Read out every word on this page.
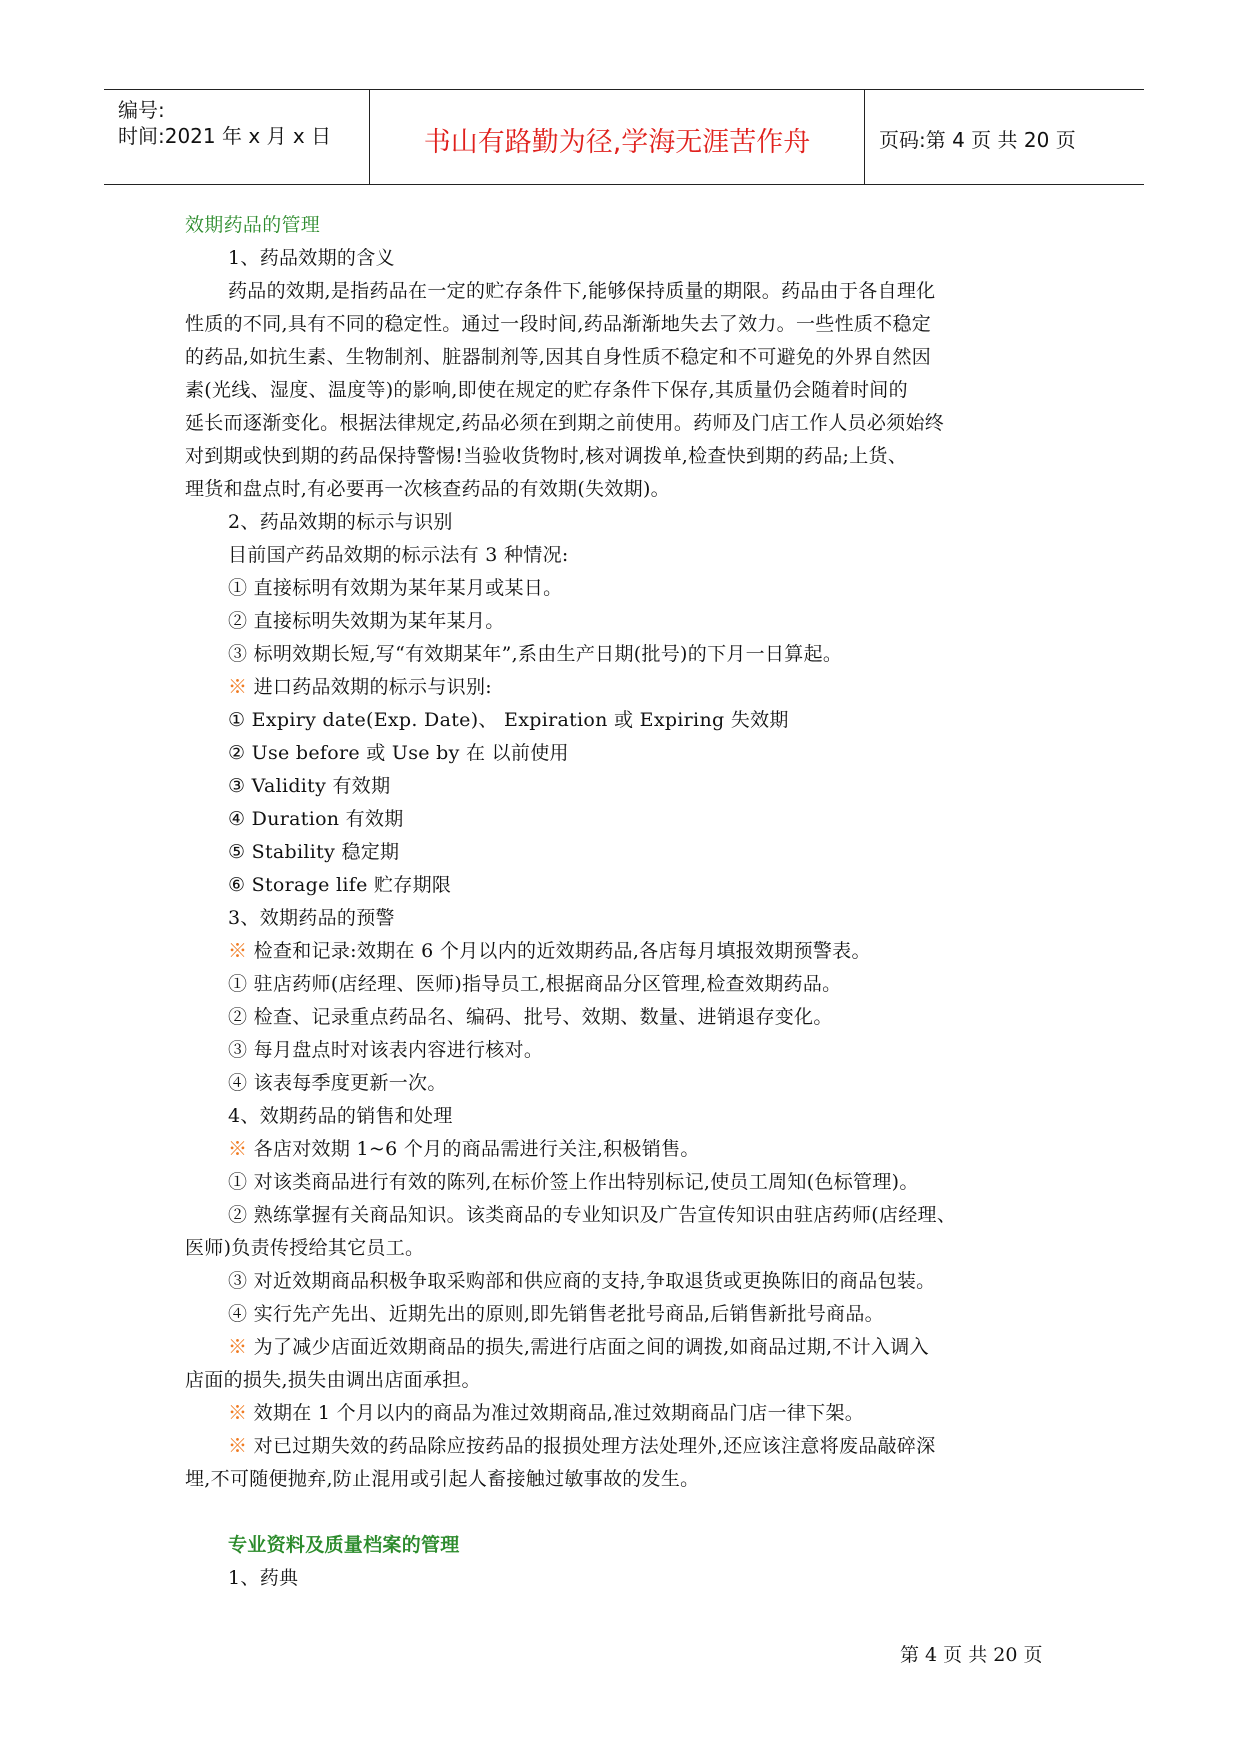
编号:
时间:2021 年 x 月 x 日	书山有路勤为径,学海无涯苦作舟	页码:第 4 页 共 20 页
效期药品的管理
1、药品效期的含义
药品的效期,是指药品在一定的贮存条件下,能够保持质量的期限。药品由于各自理化
性质的不同,具有不同的稳定性。通过一段时间,药品渐渐地失去了效力。一些性质不稳定
的药品,如抗生素、生物制剂、脏器制剂等,因其自身性质不稳定和不可避免的外界自然因
素(光线、湿度、温度等)的影响,即使在规定的贮存条件下保存,其质量仍会随着时间的
延长而逐渐变化。根据法律规定,药品必须在到期之前使用。药师及门店工作人员必须始终
对到期或快到期的药品保持警惕!当验收货物时,核对调拨单,检查快到期的药品;上货、
理货和盘点时,有必要再一次核查药品的有效期(失效期)。
2、药品效期的标示与识别
目前国产药品效期的标示法有 3 种情况:
① 直接标明有效期为某年某月或某日。
② 直接标明失效期为某年某月。
③ 标明效期长短,写“有效期某年”,系由生产日期(批号)的下月一日算起。
※ 进口药品效期的标示与识别:
① Expiry date(Exp. Date)、 Expiration 或 Expiring 失效期
② Use before 或 Use by 在 以前使用
③ Validity 有效期
④ Duration 有效期
⑤ Stability 稳定期
⑥ Storage life 贮存期限
3、效期药品的预警
※ 检查和记录:效期在 6 个月以内的近效期药品,各店每月填报效期预警表。
① 驻店药师(店经理、医师)指导员工,根据商品分区管理,检查效期药品。
② 检查、记录重点药品名、编码、批号、效期、数量、进销退存变化。
③ 每月盘点时对该表内容进行核对。
④ 该表每季度更新一次。
4、效期药品的销售和处理
※ 各店对效期 1~6 个月的商品需进行关注,积极销售。
① 对该类商品进行有效的陈列,在标价签上作出特别标记,使员工周知(色标管理)。
② 熟练掌握有关商品知识。该类商品的专业知识及广告宣传知识由驻店药师(店经理、
医师)负责传授给其它员工。
③ 对近效期商品积极争取采购部和供应商的支持,争取退货或更换陈旧的商品包装。
④ 实行先产先出、近期先出的原则,即先销售老批号商品,后销售新批号商品。
※ 为了减少店面近效期商品的损失,需进行店面之间的调拨,如商品过期,不计入调入
店面的损失,损失由调出店面承担。
※ 效期在 1 个月以内的商品为准过效期商品,准过效期商品门店一律下架。
※ 对已过期失效的药品除应按药品的报损处理方法处理外,还应该注意将废品敲碎深
埋,不可随便抛弃,防止混用或引起人畜接触过敏事故的发生。
专业资料及质量档案的管理
1、药典
第 4 页 共 20 页
